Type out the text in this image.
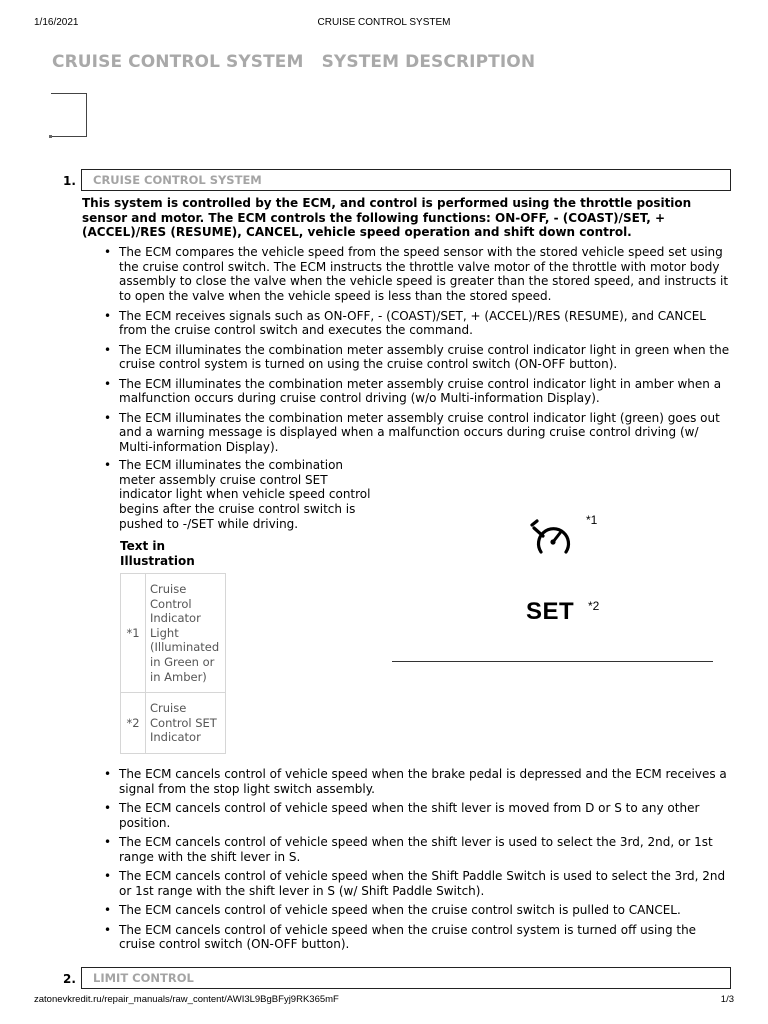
1/16/2021	CRUISE CONTROL SYSTEM
CRUISE CONTROL SYSTEM   SYSTEM DESCRIPTION
1.	CRUISE CONTROL SYSTEM

This system is controlled by the ECM, and control is performed using the throttle position sensor and motor. The ECM controls the following functions: ON-OFF, - (COAST)/SET, + (ACCEL)/RES (RESUME), CANCEL, vehicle speed operation and shift down control.

• The ECM compares the vehicle speed from the speed sensor with the stored vehicle speed set using the cruise control switch. The ECM instructs the throttle valve motor of the throttle with motor body assembly to close the valve when the vehicle speed is greater than the stored speed, and instructs it to open the valve when the vehicle speed is less than the stored speed.
• The ECM receives signals such as ON-OFF, - (COAST)/SET, + (ACCEL)/RES (RESUME), and CANCEL from the cruise control switch and executes the command.
• The ECM illuminates the combination meter assembly cruise control indicator light in green when the cruise control system is turned on using the cruise control switch (ON-OFF button).
• The ECM illuminates the combination meter assembly cruise control indicator light in amber when a malfunction occurs during cruise control driving (w/o Multi-information Display).
• The ECM illuminates the combination meter assembly cruise control indicator light (green) goes out and a warning message is displayed when a malfunction occurs during cruise control driving (w/ Multi-information Display).
• The ECM illuminates the combination meter assembly cruise control SET indicator light when vehicle speed control begins after the cruise control switch is pushed to -/SET while driving.
Text in Illustration
*1	Cruise Control Indicator Light (Illuminated in Green or in Amber)
*2	Cruise Control SET Indicator
*1
SET *2
• The ECM cancels control of vehicle speed when the brake pedal is depressed and the ECM receives a signal from the stop light switch assembly.
• The ECM cancels control of vehicle speed when the shift lever is moved from D or S to any other position.
• The ECM cancels control of vehicle speed when the shift lever is used to select the 3rd, 2nd, or 1st range with the shift lever in S.
• The ECM cancels control of vehicle speed when the Shift Paddle Switch is used to select the 3rd, 2nd or 1st range with the shift lever in S (w/ Shift Paddle Switch).
• The ECM cancels control of vehicle speed when the cruise control switch is pulled to CANCEL.
• The ECM cancels control of vehicle speed when the cruise control system is turned off using the cruise control switch (ON-OFF button).
2.	LIMIT CONTROL
zatonevkredit.ru/repair_manuals/raw_content/AWI3L9BgBFyj9RK365mF	1/3
